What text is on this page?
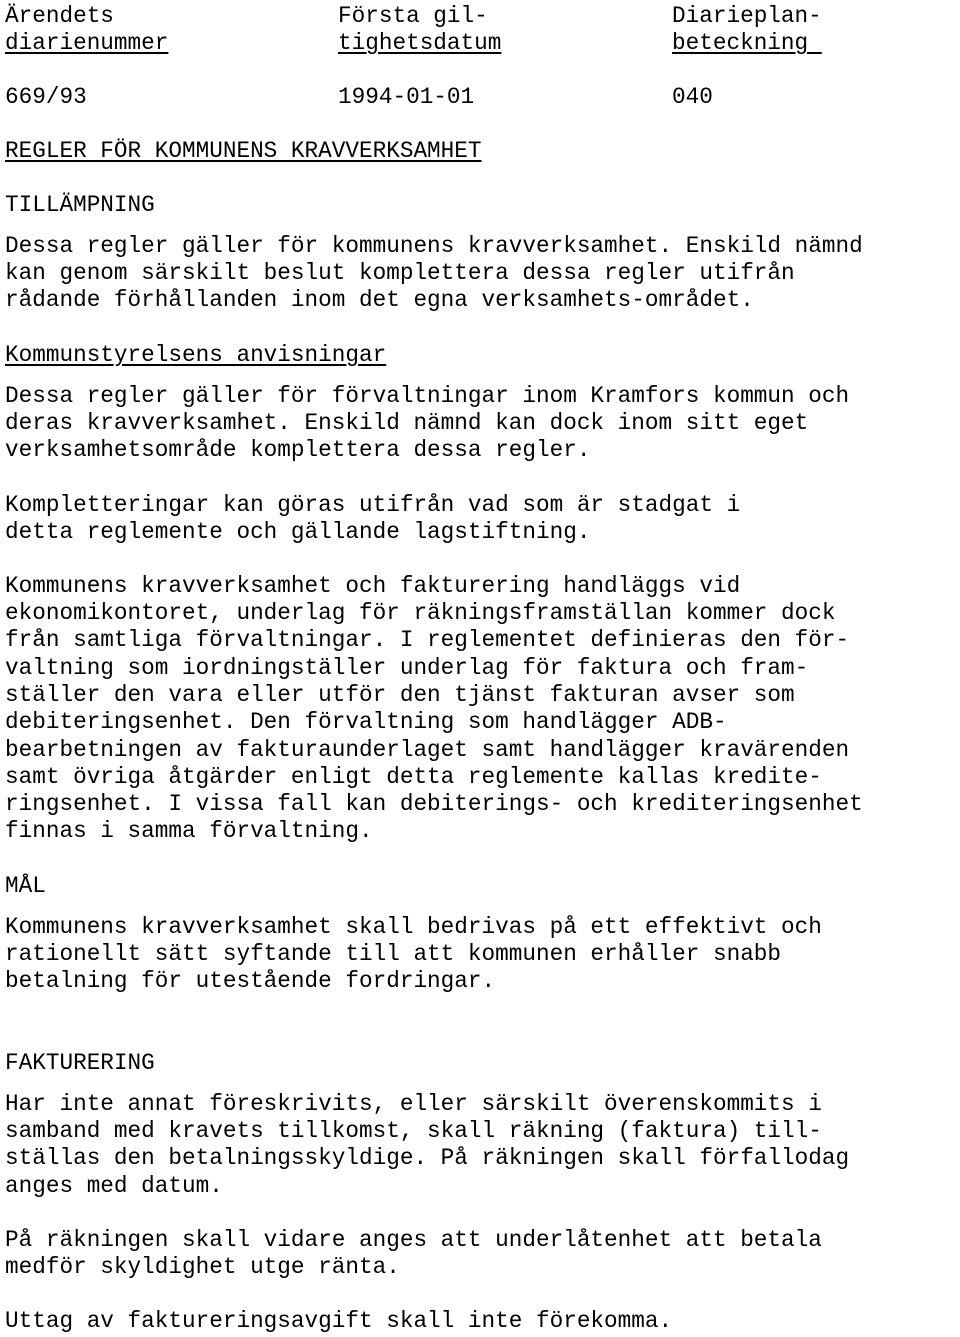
Ärendets
diarienummer
Första gil-
tighetsdatum
Diarieplan-
beteckning
669/93	1994-01-01	040
REGLER FÖR KOMMUNENS KRAVVERKSAMHET
TILLÄMPNING
Dessa regler gäller för kommunens kravverksamhet. Enskild nämnd
kan genom särskilt beslut komplettera dessa regler utifrån
rådande förhållanden inom det egna verksamhets-området.
Kommunstyrelsens anvisningar
Dessa regler gäller för förvaltningar inom Kramfors kommun och
deras kravverksamhet. Enskild nämnd kan dock inom sitt eget
verksamhetsområde komplettera dessa regler.
Kompletteringar kan göras utifrån vad som är stadgat i
detta reglemente och gällande lagstiftning.
Kommunens kravverksamhet och fakturering handläggs vid
ekonomikontoret, underlag för räkningsframställan kommer dock
från samtliga förvaltningar. I reglementet definieras den för-
valtning som iordningställer underlag för faktura och fram-
ställer den vara eller utför den tjänst fakturan avser som
debiteringsenhet. Den förvaltning som handlägger ADB-
bearbetningen av fakturaunderlaget samt handlägger kravärenden
samt övriga åtgärder enligt detta reglemente kallas kredite-
ringsenhet. I vissa fall kan debiterings- och krediteringsenhet
finnas i samma förvaltning.
MÅL
Kommunens kravverksamhet skall bedrivas på ett effektivt och
rationellt sätt syftande till att kommunen erhåller snabb
betalning för utestående fordringar.
FAKTURERING
Har inte annat föreskrivits, eller särskilt överenskommits i
samband med kravets tillkomst, skall räkning (faktura) till-
ställas den betalningsskyldige. På räkningen skall förfallodag
anges med datum.
På räkningen skall vidare anges att underlåtenhet att betala
medför skyldighet utge ränta.
Uttag av faktureringsavgift skall inte förekomma.
